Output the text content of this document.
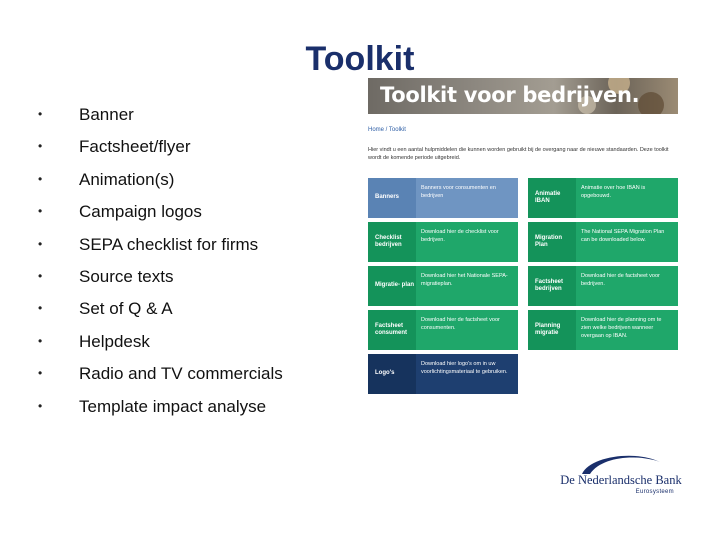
Toolkit
• Banner
• Factsheet/flyer
• Animation(s)
• Campaign logos
• SEPA checklist for firms
• Source texts
• Set of Q & A
• Helpdesk
• Radio and TV commercials
• Template impact analyse
Toolkit voor bedrijven.
Home / Toolkit
Hier vindt u een aantal hulpmiddelen die kunnen worden gebruikt bij de overgang naar de nieuwe standaarden. Deze toolkit wordt de komende periode uitgebreid.
Banners
Banners voor consumenten en bedrijven	Animatie IBAN
Animatie over hoe IBAN is opgebouwd.
Checklist bedrijven
Download hier de checklist voor bedrijven.	Migration Plan
The National SEPA Migration Plan can be downloaded below.
Migratie- plan
Download hier het Nationale SEPA-migratieplan.	Factsheet bedrijven
Download hier de factsheet voor bedrijven.
Factsheet consument
Download hier de factsheet voor consumenten.	Planning migratie
Download hier de planning om te zien welke bedrijven wanneer overgaan op IBAN.
Logo's
Download hier logo's om in uw voorlichtingsmateriaal te gebruiken.
De Nederlandsche Bank
Eurosysteem
